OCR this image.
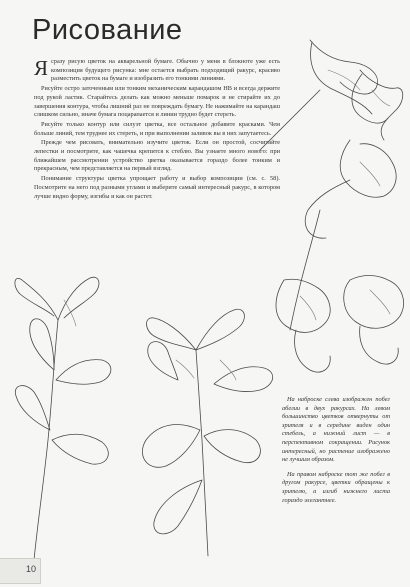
Рисование

Ясразу рисую цветок на акварельной бумаге. Обычно у меня в блокноте уже есть композиция будущего рисунка: мне остается выбрать подходящий ракурс, красиво разместить цветок на бумаге и изобразить его тонкими линиями.

Рисуйте остро заточенным или тонким механическим карандашом НВ и всегда держите под рукой ластик. Старайтесь делать как можно меньше помарок и не стирайте их до завершения контура, чтобы лишний раз не повреждать бумагу. Не нажимайте на карандаш слишком сильно, иначе бумага поцарапается и линии трудно будет стереть.

Рисуйте только контур или силуэт цветка, все остальное добавите красками. Чем больше линий, тем труднее их стереть, и при выполнении заливок вы в них запутаетесь.

Прежде чем рисовать, внимательно изучите цветок. Если он простой, сосчитайте лепестки и посмотрите, как чашечка крепится к стеблю. Вы узнаете много нового: при ближайшем рассмотрении устройство цветка оказывается гораздо более тонким и прекрасным, чем представляется на первый взгляд.

Понимание структуры цветка упрощает работу и выбор композиции (см. с. 58). Посмотрите на него под разными углами и выберите самый интересный ракурс, в котором лучше видно форму, изгибы и как он растет.

На наброске слева изображен побег абелии в двух ракурсах. На левом большинство цветков отвернуты от зрителя и в середине виден один стебель, а нижний лист — в перспективном сокращении. Рисунок интересный, но растение изображено не лучшим образом.

На правом наброске тот же побег в другом ракурсе, цветки обращены к зрителю, а изгиб нижнего листа гораздо элегантнее.

10
